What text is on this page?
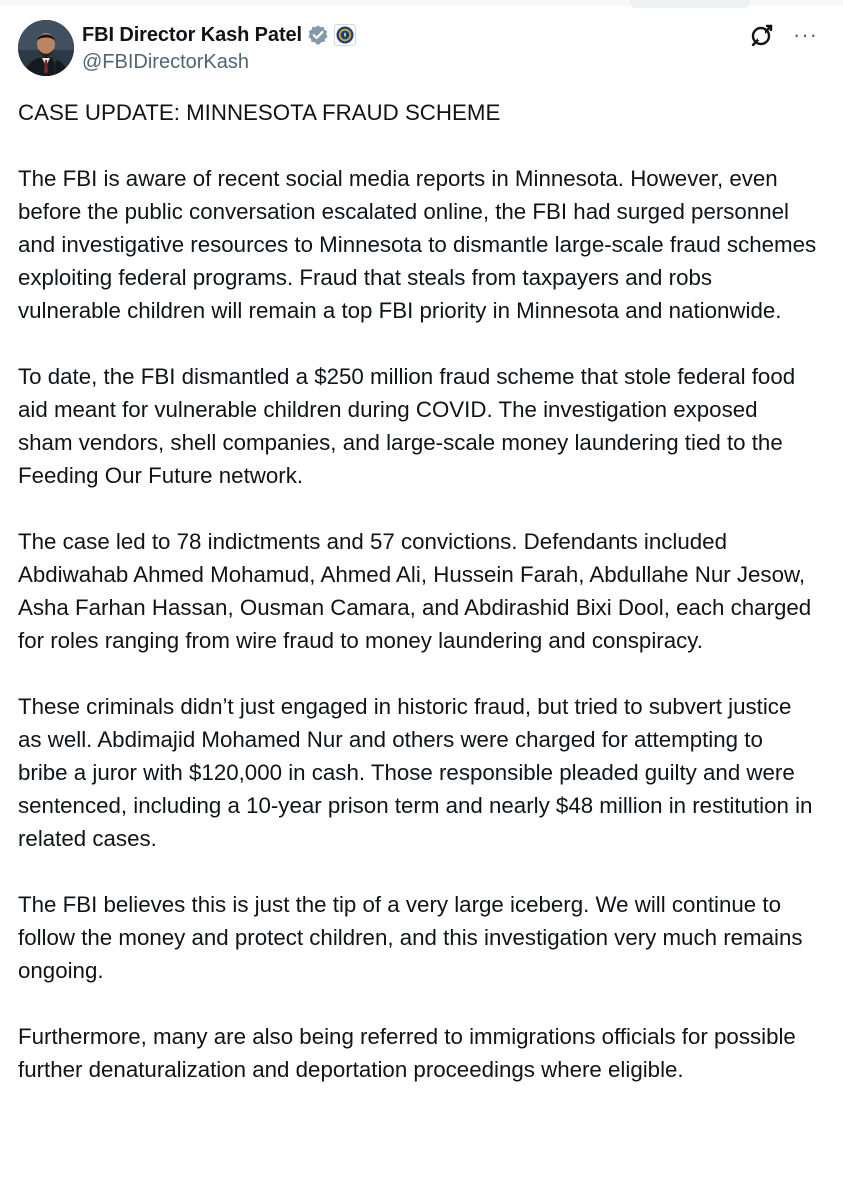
FBI Director Kash Patel
@FBIDirectorKash
···

CASE UPDATE: MINNESOTA FRAUD SCHEME

The FBI is aware of recent social media reports in Minnesota. However, even before the public conversation escalated online, the FBI had surged personnel and investigative resources to Minnesota to dismantle large-scale fraud schemes exploiting federal programs. Fraud that steals from taxpayers and robs vulnerable children will remain a top FBI priority in Minnesota and nationwide.

To date, the FBI dismantled a $250 million fraud scheme that stole federal food aid meant for vulnerable children during COVID. The investigation exposed sham vendors, shell companies, and large-scale money laundering tied to the Feeding Our Future network.

The case led to 78 indictments and 57 convictions. Defendants included Abdiwahab Ahmed Mohamud, Ahmed Ali, Hussein Farah, Abdullahe Nur Jesow, Asha Farhan Hassan, Ousman Camara, and Abdirashid Bixi Dool, each charged for roles ranging from wire fraud to money laundering and conspiracy.

These criminals didn’t just engaged in historic fraud, but tried to subvert justice as well. Abdimajid Mohamed Nur and others were charged for attempting to bribe a juror with $120,000 in cash. Those responsible pleaded guilty and were sentenced, including a 10-year prison term and nearly $48 million in restitution in related cases.

The FBI believes this is just the tip of a very large iceberg. We will continue to follow the money and protect children, and this investigation very much remains ongoing.

Furthermore, many are also being referred to immigrations officials for possible further denaturalization and deportation proceedings where eligible.
